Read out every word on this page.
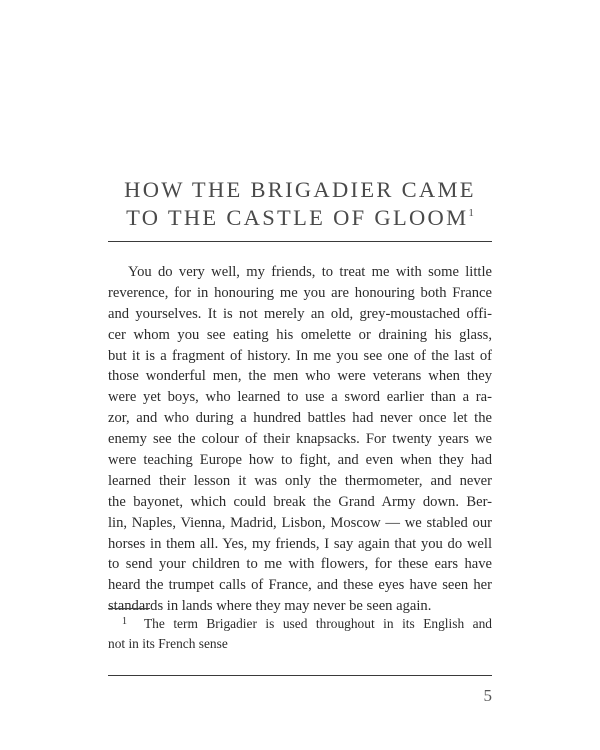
HOW THE BRIGADIER CAME
TO THE CASTLE OF GLOOM$^1$
You do very well, my friends, to treat me with some little
reverence, for in honouring me you are honouring both France
and yourselves. It is not merely an old, grey-moustached offi-
cer whom you see eating his omelette or draining his glass,
but it is a fragment of history. In me you see one of the last of
those wonderful men, the men who were veterans when they
were yet boys, who learned to use a sword earlier than a ra-
zor, and who during a hundred battles had never once let the
enemy see the colour of their knapsacks. For twenty years we
were teaching Europe how to fight, and even when they had
learned their lesson it was only the thermometer, and never
the bayonet, which could break the Grand Army down. Ber-
lin, Naples, Vienna, Madrid, Lisbon, Moscow — we stabled our
horses in them all. Yes, my friends, I say again that you do well
to send your children to me with flowers, for these ears have
heard the trumpet calls of France, and these eyes have seen her
standards in lands where they may never be seen again.
1 The term Brigadier is used throughout in its English and
not in its French sense
5
